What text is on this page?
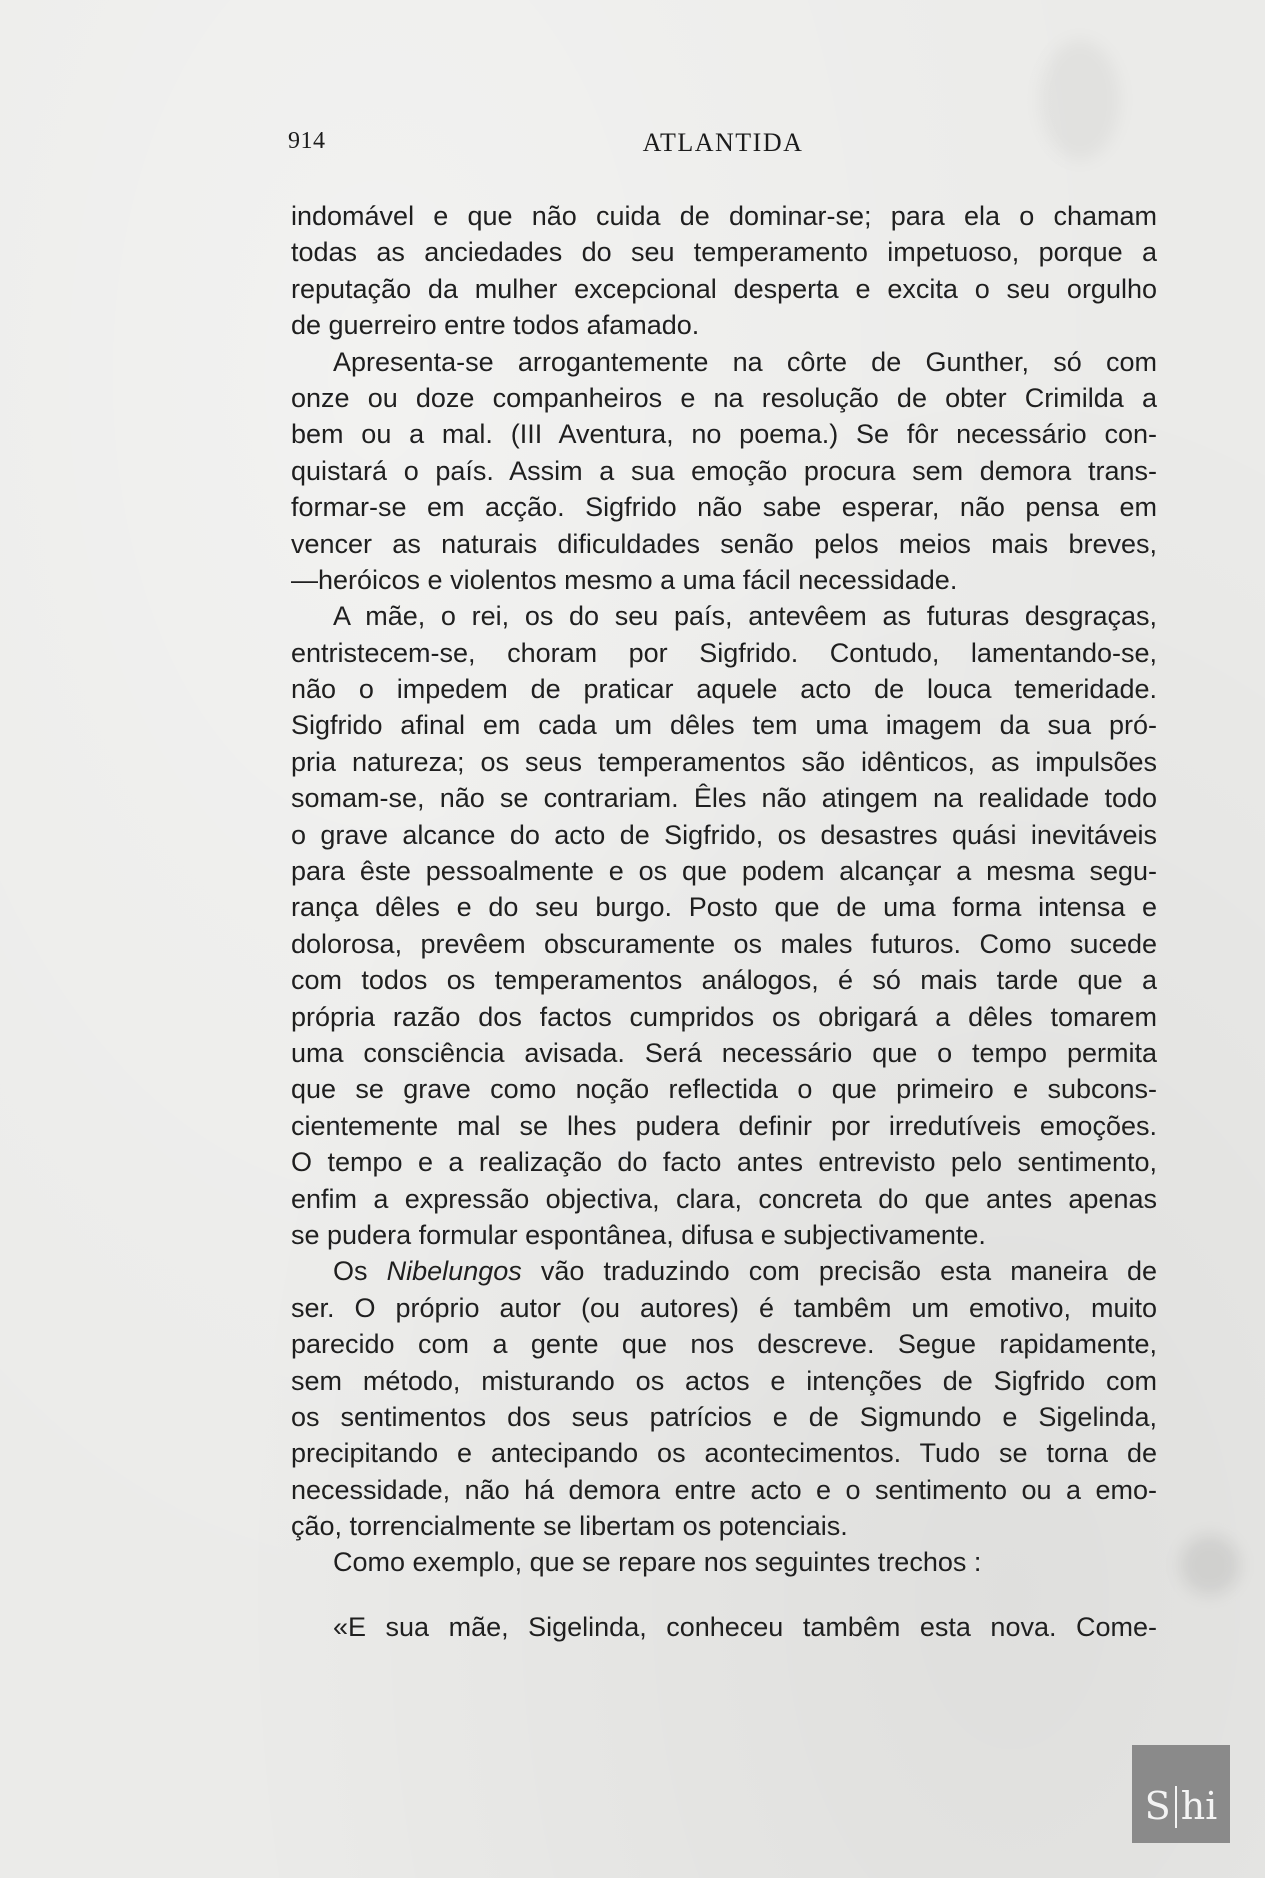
914	ATLANTIDA
indomável e que não cuida de dominar-se; para ela o chamam
todas as anciedades do seu temperamento impetuoso, porque a
reputação da mulher excepcional desperta e excita o seu orgulho
de guerreiro entre todos afamado.
Apresenta-se arrogantemente na côrte de Gunther, só com
onze ou doze companheiros e na resolução de obter Crimilda a
bem ou a mal. (III Aventura, no poema.) Se fôr necessário con-
quistará o país. Assim a sua emoção procura sem demora trans-
formar-se em acção. Sigfrido não sabe esperar, não pensa em
vencer as naturais dificuldades senão pelos meios mais breves,
—heróicos e violentos mesmo a uma fácil necessidade.
A mãe, o rei, os do seu país, antevêem as futuras desgraças,
entristecem-se, choram por Sigfrido. Contudo, lamentando-se,
não o impedem de praticar aquele acto de louca temeridade.
Sigfrido afinal em cada um dêles tem uma imagem da sua pró-
pria natureza; os seus temperamentos são idênticos, as impulsões
somam-se, não se contrariam. Êles não atingem na realidade todo
o grave alcance do acto de Sigfrido, os desastres quási inevitáveis
para êste pessoalmente e os que podem alcançar a mesma segu-
rança dêles e do seu burgo. Posto que de uma forma intensa e
dolorosa, prevêem obscuramente os males futuros. Como sucede
com todos os temperamentos análogos, é só mais tarde que a
própria razão dos factos cumpridos os obrigará a dêles tomarem
uma consciência avisada. Será necessário que o tempo permita
que se grave como noção reflectida o que primeiro e subcons-
cientemente mal se lhes pudera definir por irredutíveis emoções.
O tempo e a realização do facto antes entrevisto pelo sentimento,
enfim a expressão objectiva, clara, concreta do que antes apenas
se pudera formular espontânea, difusa e subjectivamente.
Os Nibelungos vão traduzindo com precisão esta maneira de
ser. O próprio autor (ou autores) é tambêm um emotivo, muito
parecido com a gente que nos descreve. Segue rapidamente,
sem método, misturando os actos e intenções de Sigfrido com
os sentimentos dos seus patrícios e de Sigmundo e Sigelinda,
precipitando e antecipando os acontecimentos. Tudo se torna de
necessidade, não há demora entre acto e o sentimento ou a emo-
ção, torrencialmente se libertam os potenciais.
Como exemplo, que se repare nos seguintes trechos :
«E sua mãe, Sigelinda, conheceu tambêm esta nova. Come-
S hi
